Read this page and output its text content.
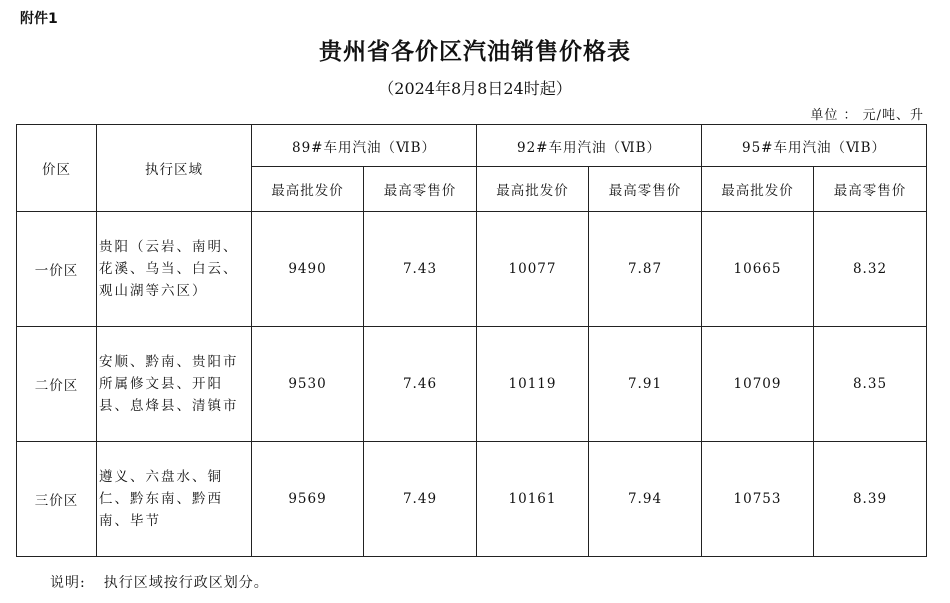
附件1
贵州省各价区汽油销售价格表
（2024年8月8日24时起）
单位 ： 元/吨、升
价区	执行区域	89#车用汽油（ⅥB）		92#车用汽油（ⅥB）		95#车用汽油（ⅥB）	
		最高批发价	最高零售价	最高批发价	最高零售价	最高批发价	最高零售价
一价区	贵阳（云岩、南明、花溪、乌当、白云、观山湖等六区）	9490	7.43	10077	7.87	10665	8.32
二价区	安顺、黔南、贵阳市所属修文县、开阳县、息烽县、清镇市	9530	7.46	10119	7.91	10709	8.35
三价区	遵义、六盘水、铜仁、黔东南、黔西南、毕节	9569	7.49	10161	7.94	10753	8.39
说明: 执行区域按行政区划分。
